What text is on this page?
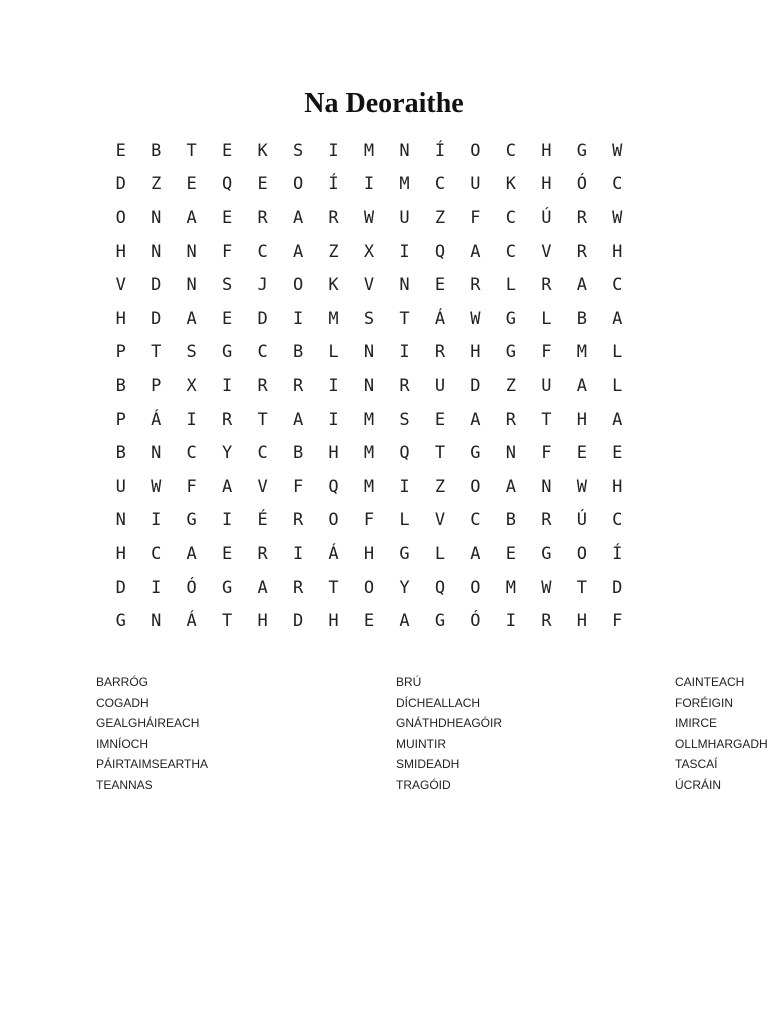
Na Deoraithe
E	B	T	E	K	S	I	M	N	Í	O	C	H	G	W
D	Z	E	Q	E	O	Í	I	M	C	U	K	H	Ó	C
O	N	A	E	R	A	R	W	U	Z	F	C	Ú	R	W
H	N	N	F	C	A	Z	X	I	Q	A	C	V	R	H
V	D	N	S	J	O	K	V	N	E	R	L	R	A	C
H	D	A	E	D	I	M	S	T	Á	W	G	L	B	A
P	T	S	G	C	B	L	N	I	R	H	G	F	M	L
B	P	X	I	R	R	I	N	R	U	D	Z	U	A	L
P	Á	I	R	T	A	I	M	S	E	A	R	T	H	A
B	N	C	Y	C	B	H	M	Q	T	G	N	F	E	E
U	W	F	A	V	F	Q	M	I	Z	O	A	N	W	H
N	I	G	I	É	R	O	F	L	V	C	B	R	Ú	C
H	C	A	E	R	I	Á	H	G	L	A	E	G	O	Í
D	I	Ó	G	A	R	T	O	Y	Q	O	M	W	T	D
G	N	Á	T	H	D	H	E	A	G	Ó	I	R	H	F
BARRÓG
COGADH
GEALGHÁIREACH
IMNÍOCH
PÁIRTAIMSEARTHA
TEANNAS
BRÚ
DÍCHEALLACH
GNÁTHDHEAGÓIR
MUINTIR
SMIDEADH
TRAGÓID
CAINTEACH
FORÉIGIN
IMIRCE
OLLMHARGADH
TASCAÍ
ÚCRÁIN
